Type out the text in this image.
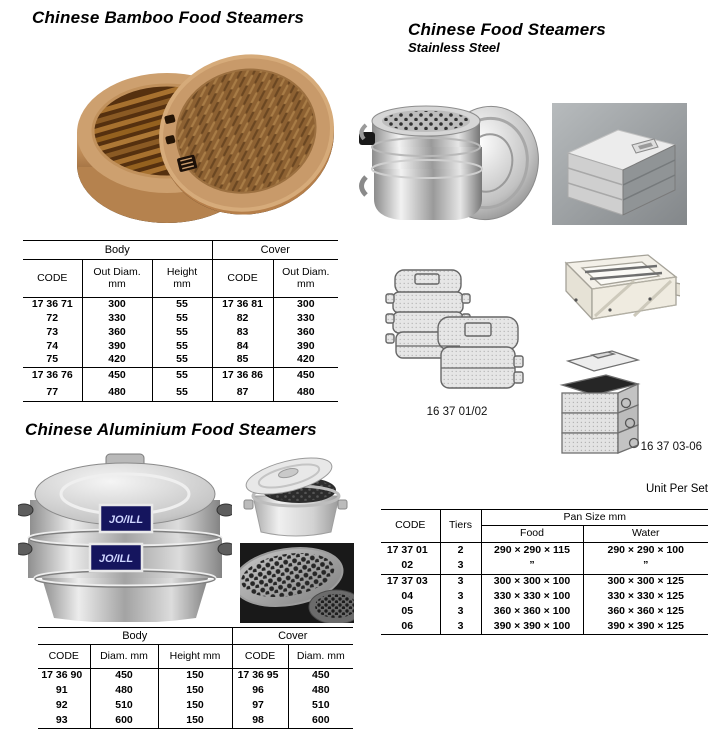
Chinese Bamboo Food Steamers
Chinese Food Steamers
Stainless Steel
Chinese Aluminium Food Steamers
16 37 01/02
16 37 03-06
JO/ILL
JO/ILL
Unit Per Set
Body			Cover	
CODE	Out Diam.
mm

Height
mm	CODE	Out Diam.
mm

17 36 71	300	55	17 36 81	300
72	330	55	82	330
73	360	55	83	360
74	390	55	84	390
75	420	55	85	420
17 36 76	450	55	17 36 86	450
77	480	55	87	480
CODE	Tiers	Pan Size mm	
		Food	Water
17 37 01	2	290 × 290 × 115	290 × 290 × 100
02	3	”	”
17 37 03	3	300 × 300 × 100	300 × 300 × 125
04	3	330 × 330 × 100	330 × 330 × 125
05	3	360 × 360 × 100	360 × 360 × 125
06	3	390 × 390 × 100	390 × 390 × 125
Body			Cover	
CODE	Diam. mm	Height mm	CODE	Diam. mm
17 36 90	450	150	17 36 95	450
91	480	150	96	480
92	510	150	97	510
93	600	150	98	600
